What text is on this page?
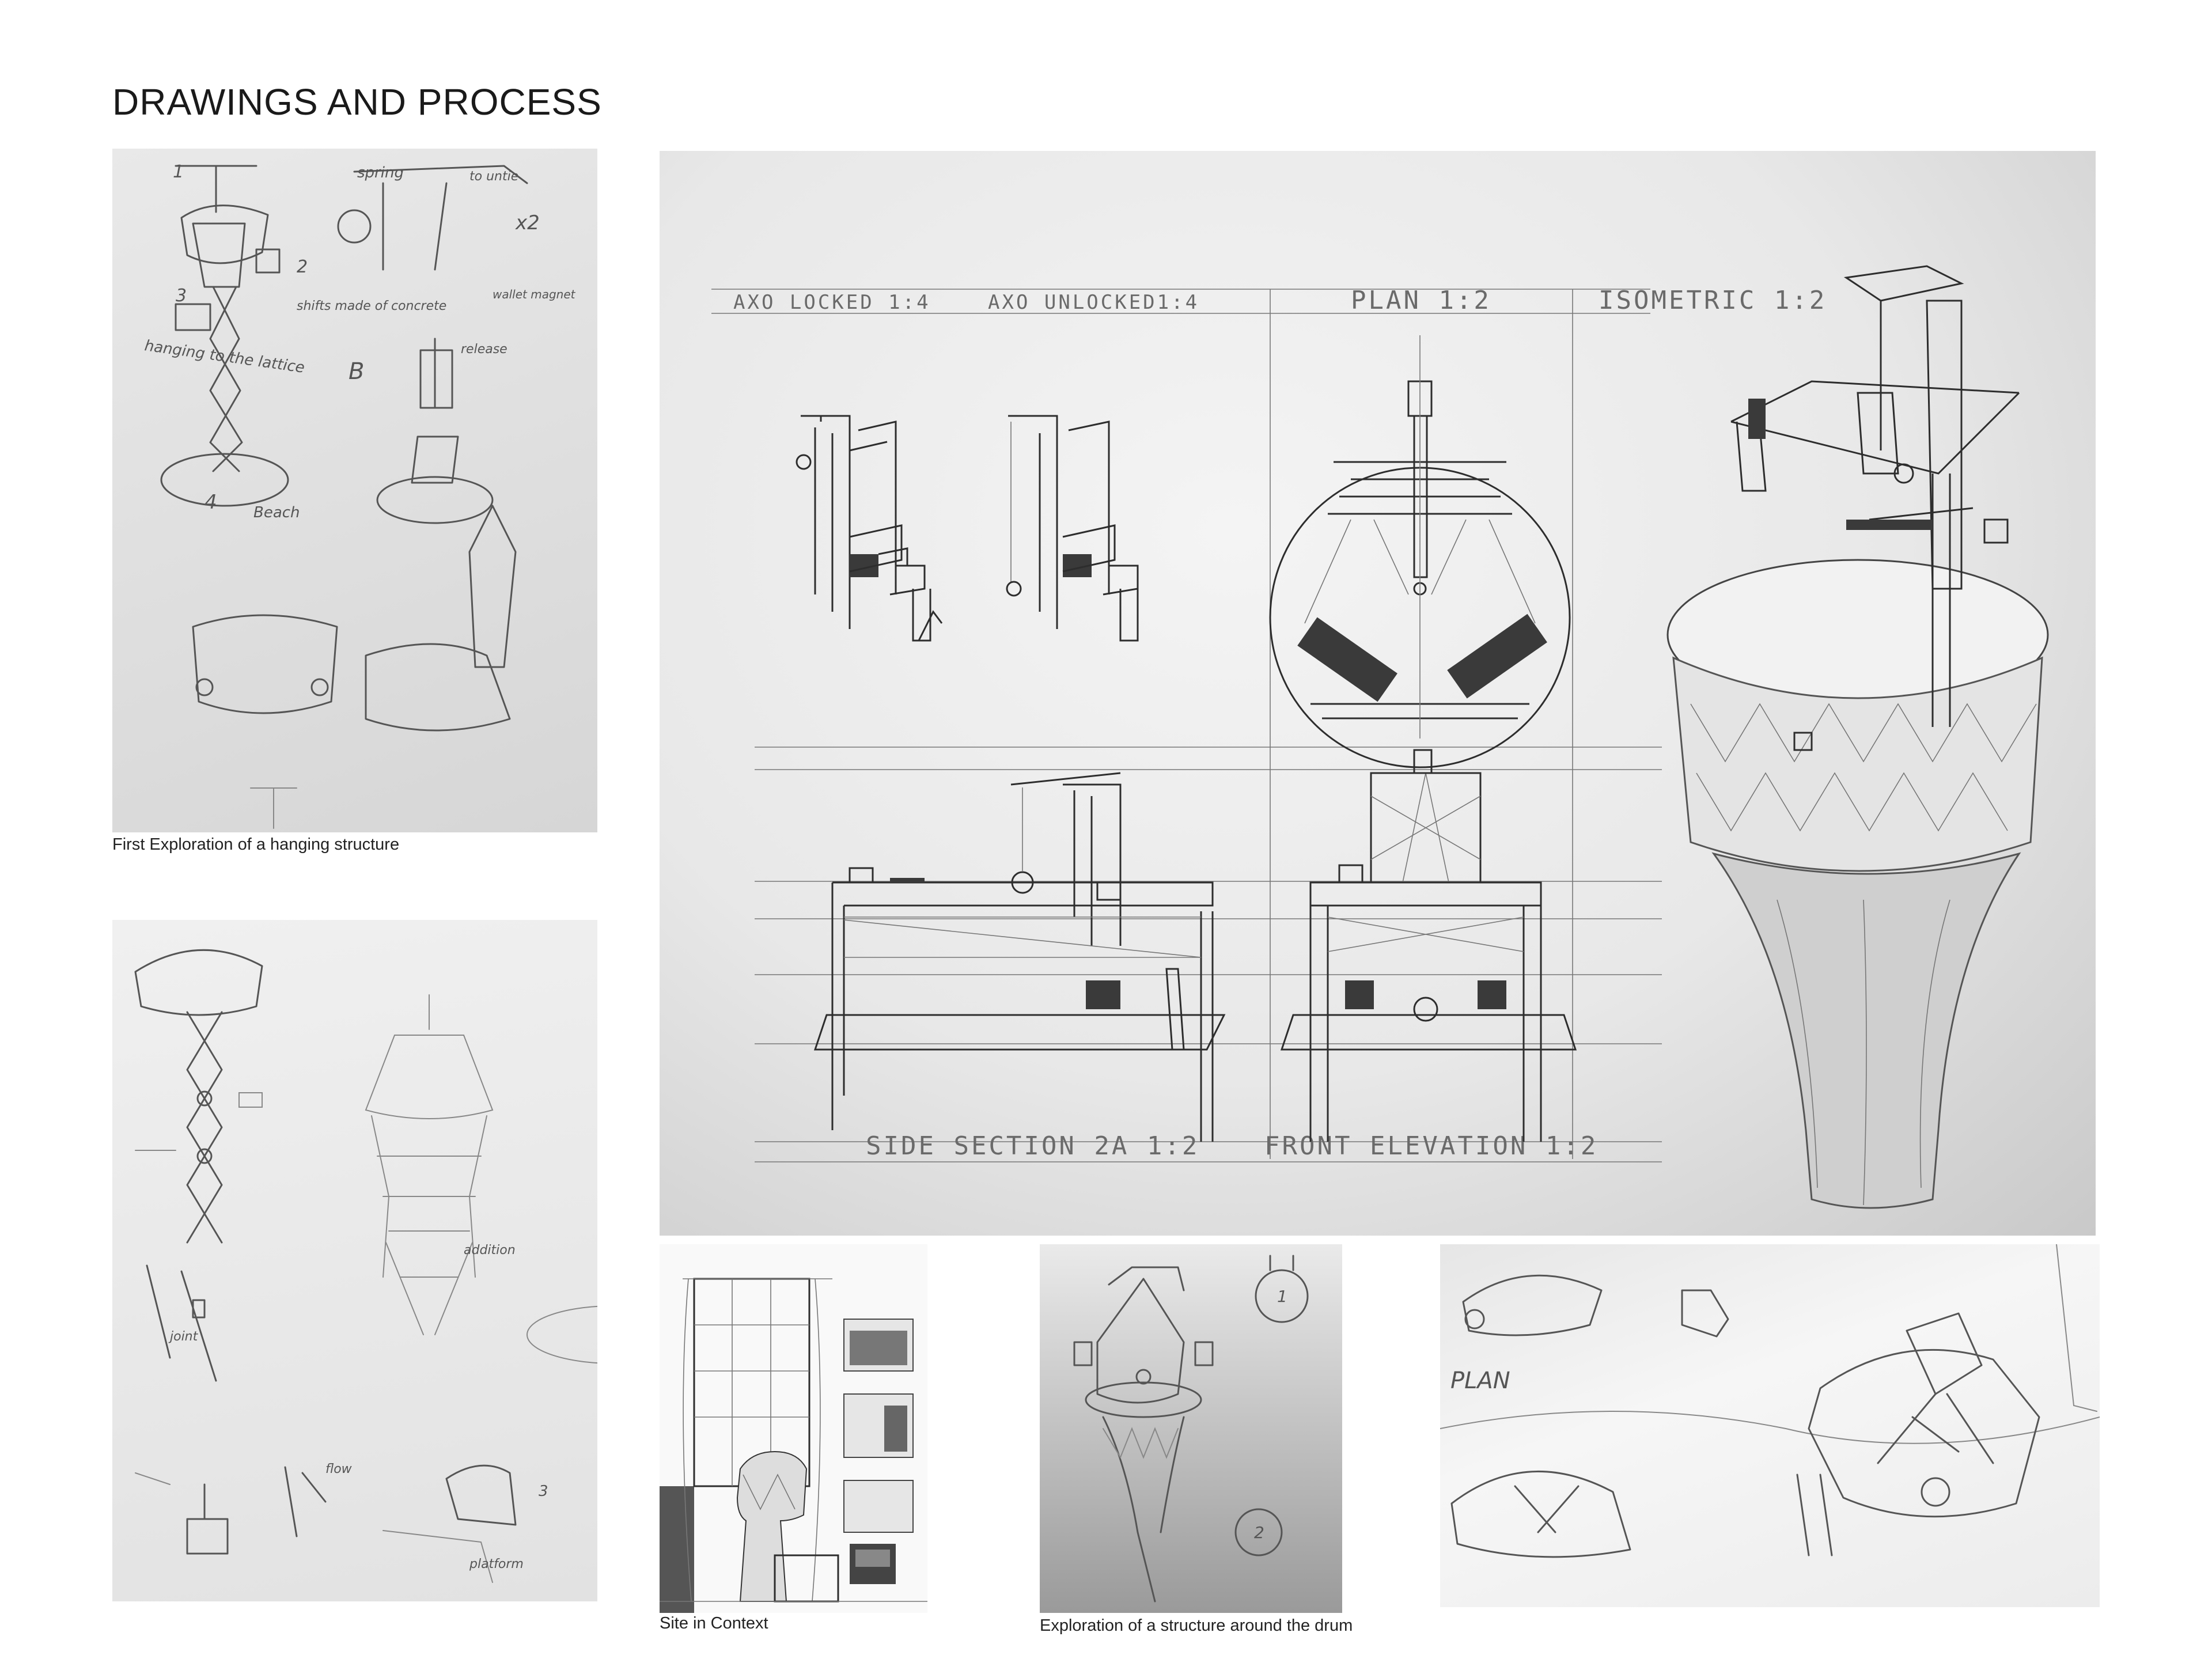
DRAWINGS AND PROCESS
hanging to the lattice
shifts made of concrete
spring	to untie
x2
wallet magnet
release
B
Beach
4
3
2
1
First Exploration of a hanging structure
addition
joint
flow
platform
3
AXO LOCKED 1:4	AXO UNLOCKED1:4	PLAN 1:2	ISOMETRIC 1:2
SIDE SECTION 2A 1:2	FRONT ELEVATION 1:2
Site in Context
1
2
Exploration of a structure around the drum
PLAN
